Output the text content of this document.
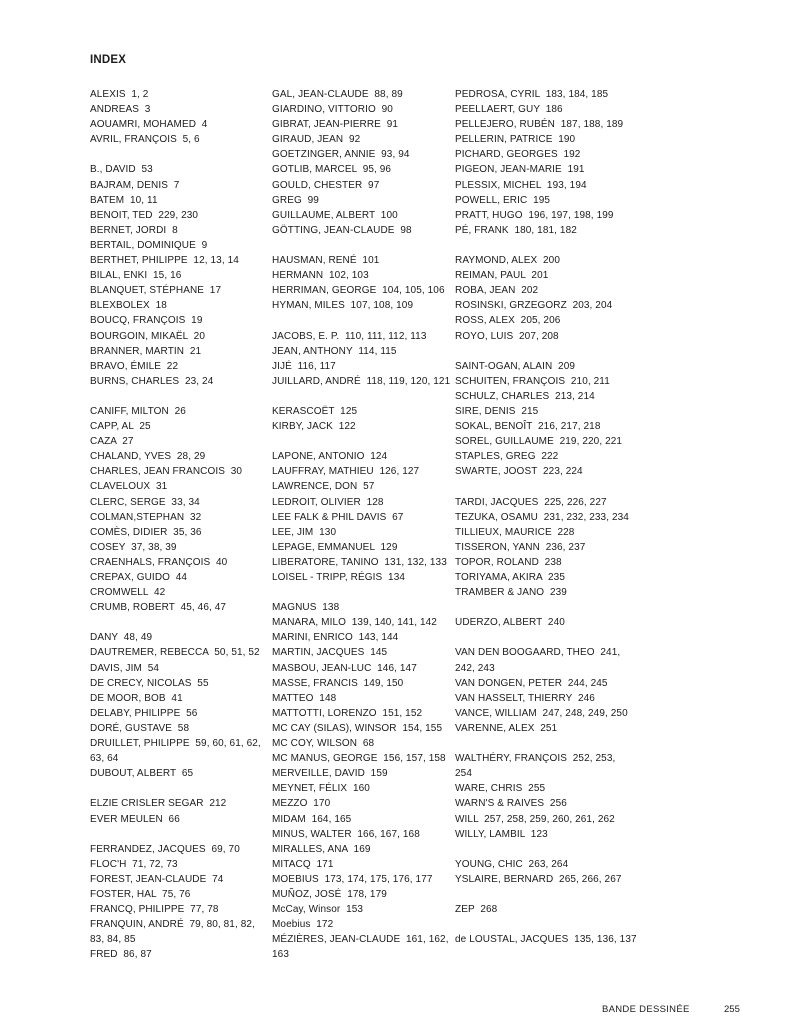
INDEX
ALEXIS  1, 2
ANDREAS  3
AOUAMRI, MOHAMED  4
AVRIL, FRANÇOIS  5, 6
B., DAVID  53
BAJRAM, DENIS  7
BATEM  10, 11
BENOIT, TED  229, 230
BERNET, JORDI  8
BERTAIL, DOMINIQUE  9
BERTHET, PHILIPPE  12, 13, 14
BILAL, ENKI  15, 16
BLANQUET, STÉPHANE  17
BLEXBOLEX  18
BOUCQ, FRANÇOIS  19
BOURGOIN, MIKAËL  20
BRANNER, MARTIN  21
BRAVO, ÉMILE  22
BURNS, CHARLES  23, 24
CANIFF, MILTON  26
CAPP, AL  25
CAZA  27
CHALAND, YVES  28, 29
CHARLES, JEAN FRANCOIS  30
CLAVELOUX  31
CLERC, SERGE  33, 34
COLMAN,STEPHAN  32
COMÈS, DIDIER  35, 36
COSEY  37, 38, 39
CRAENHALS, FRANÇOIS  40
CREPAX, GUIDO  44
CROMWELL  42
CRUMB, ROBERT  45, 46, 47
DANY  48, 49
DAUTREMER, REBECCA  50, 51, 52
DAVIS, JIM  54
DE CRECY, NICOLAS  55
DE MOOR, BOB  41
DELABY, PHILIPPE  56
DORÉ, GUSTAVE  58
DRUILLET, PHILIPPE  59, 60, 61, 62,
63, 64
DUBOUT, ALBERT  65
ELZIE CRISLER SEGAR  212
EVER MEULEN  66
FERRANDEZ, JACQUES  69, 70
FLOC'H  71, 72, 73
FOREST, JEAN-CLAUDE  74
FOSTER, HAL  75, 76
FRANCQ, PHILIPPE  77, 78
FRANQUIN, ANDRÉ  79, 80, 81, 82,
83, 84, 85
FRED  86, 87
GAL, JEAN-CLAUDE  88, 89
GIARDINO, VITTORIO  90
GIBRAT, JEAN-PIERRE  91
GIRAUD, JEAN  92
GOETZINGER, ANNIE  93, 94
GOTLIB, MARCEL  95, 96
GOULD, CHESTER  97
GREG  99
GUILLAUME, ALBERT  100
GÖTTING, JEAN-CLAUDE  98
HAUSMAN, RENÉ  101
HERMANN  102, 103
HERRIMAN, GEORGE  104, 105, 106
HYMAN, MILES  107, 108, 109
JACOBS, E. P.  110, 111, 112, 113
JEAN, ANTHONY  114, 115
JIJÉ  116, 117
JUILLARD, ANDRÉ  118, 119, 120, 121
KERASCOËT  125
KIRBY, JACK  122
LAPONE, ANTONIO  124
LAUFFRAY, MATHIEU  126, 127
LAWRENCE, DON  57
LEDROIT, OLIVIER  128
LEE FALK & PHIL DAVIS  67
LEE, JIM  130
LEPAGE, EMMANUEL  129
LIBERATORE, TANINO  131, 132, 133
LOISEL - TRIPP, RÉGIS  134
MAGNUS  138
MANARA, MILO  139, 140, 141, 142
MARINI, ENRICO  143, 144
MARTIN, JACQUES  145
MASBOU, JEAN-LUC  146, 147
MASSE, FRANCIS  149, 150
MATTEO  148
MATTOTTI, LORENZO  151, 152
MC CAY (SILAS), WINSOR  154, 155
MC COY, WILSON  68
MC MANUS, GEORGE  156, 157, 158
MERVEILLE, DAVID  159
MEYNET, FÉLIX  160
MEZZO  170
MIDAM  164, 165
MINUS, WALTER  166, 167, 168
MIRALLES, ANA  169
MITACQ  171
MOEBIUS  173, 174, 175, 176, 177
MUÑOZ, JOSÉ  178, 179
McCay, Winsor  153
Moebius  172
MÉZIÈRES, JEAN-CLAUDE  161, 162,
163
PEDROSA, CYRIL  183, 184, 185
PEELLAERT, GUY  186
PELLEJERO, RUBÉN  187, 188, 189
PELLERIN, PATRICE  190
PICHARD, GEORGES  192
PIGEON, JEAN-MARIE  191
PLESSIX, MICHEL  193, 194
POWELL, ERIC  195
PRATT, HUGO  196, 197, 198, 199
PÉ, FRANK  180, 181, 182
RAYMOND, ALEX  200
REIMAN, PAUL  201
ROBA, JEAN  202
ROSINSKI, GRZEGORZ  203, 204
ROSS, ALEX  205, 206
ROYO, LUIS  207, 208
SAINT-OGAN, ALAIN  209
SCHUITEN, FRANÇOIS  210, 211
SCHULZ, CHARLES  213, 214
SIRE, DENIS  215
SOKAL, BENOÎT  216, 217, 218
SOREL, GUILLAUME  219, 220, 221
STAPLES, GREG  222
SWARTE, JOOST  223, 224
TARDI, JACQUES  225, 226, 227
TEZUKA, OSAMU  231, 232, 233, 234
TILLIEUX, MAURICE  228
TISSERON, YANN  236, 237
TOPOR, ROLAND  238
TORIYAMA, AKIRA  235
TRAMBER & JANO  239
UDERZO, ALBERT  240
VAN DEN BOOGAARD, THEO  241,
242, 243
VAN DONGEN, PETER  244, 245
VAN HASSELT, THIERRY  246
VANCE, WILLIAM  247, 248, 249, 250
VARENNE, ALEX  251
WALTHÉRY, FRANÇOIS  252, 253,
254
WARE, CHRIS  255
WARN'S & RAIVES  256
WILL  257, 258, 259, 260, 261, 262
WILLY, LAMBIL  123
YOUNG, CHIC  263, 264
YSLAIRE, BERNARD  265, 266, 267
ZEP  268
de LOUSTAL, JACQUES  135, 136, 137
BANDE DESSINÉE	255
